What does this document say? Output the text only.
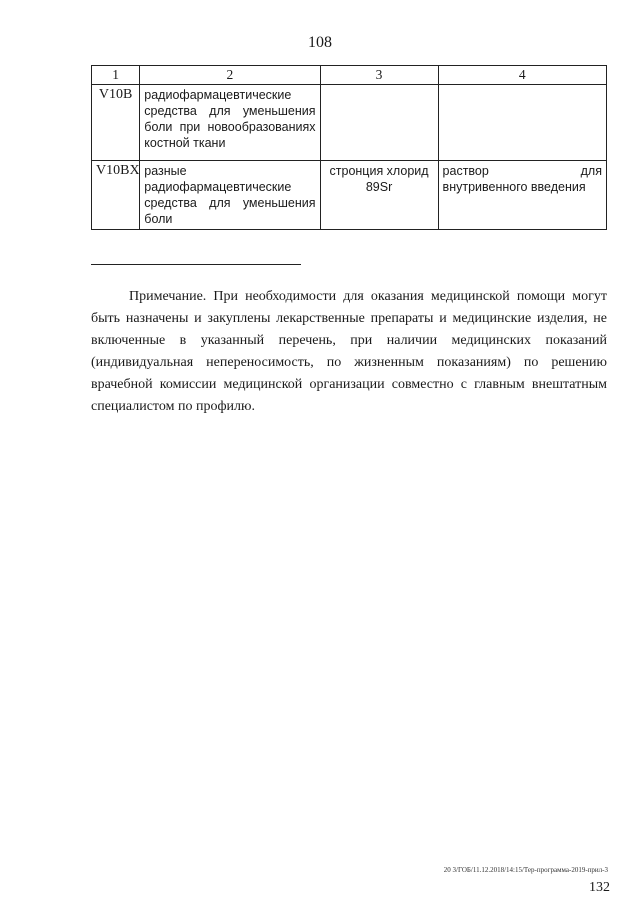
108
1	2	3	4
V10B	радиофармацевтические средства для уменьшения боли при новообразованиях костной ткани		
V10BX	разные радиофармацевтические средства для уменьшения боли	стронция хлорид 89Sr	раствор для внутривенного введения

Примечание. При необходимости для оказания медицинской помощи могут быть назначены и закуплены лекарственные препараты и медицинские изделия, не включенные в указанный перечень, при наличии медицинских показаний (индивидуальная непереносимость, по жизненным показаниям) по решению врачебной комиссии медицинской организации совместно с главным внештатным специалистом по профилю.

20 3/ГОБ/11.12.2018/14:15/Тер-программа-2019-прил-3
132
